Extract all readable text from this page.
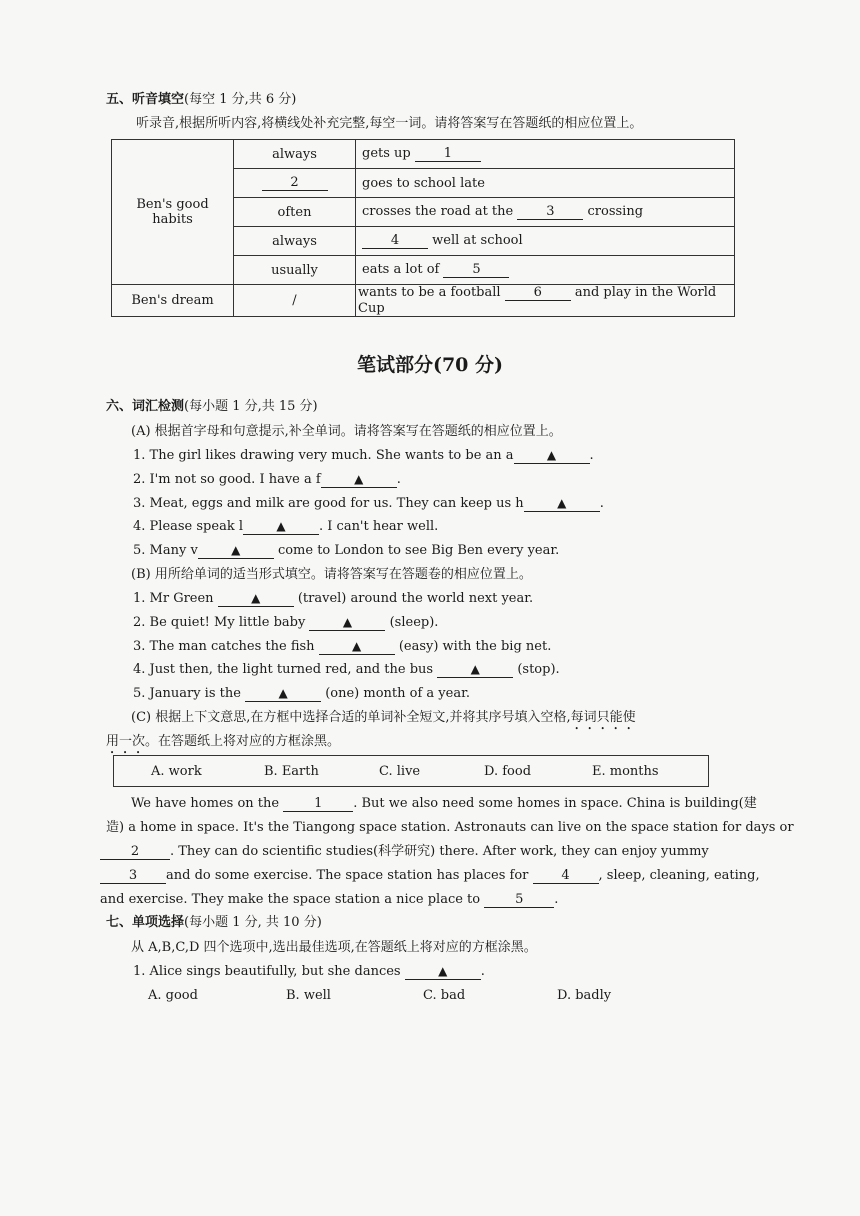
五、听音填空(每空 1 分,共 6 分)
听录音,根据所听内容,将横线处补充完整,每空一词。请将答案写在答题纸的相应位置上。
Ben's good habits	always	gets up 1
	2	goes to school late
	often	crosses the road at the 3 crossing
	always	4 well at school
	usually	eats a lot of 5
Ben's dream	/	wants to be a football 6 and play in the World Cup
笔试部分(70 分)
六、词汇检测(每小题 1 分,共 15 分)
(A) 根据首字母和句意提示,补全单词。请将答案写在答题纸的相应位置上。
1. The girl likes drawing very much. She wants to be an a	▲	.
2. I'm not so good. I have a f	▲	.
3. Meat, eggs and milk are good for us. They can keep us h	▲	.
4. Please speak l	▲	. I can't hear well.
5. Many v	▲	come to London to see Big Ben every year.
(B) 用所给单词的适当形式填空。请将答案写在答题卷的相应位置上。
1. Mr Green	▲	(travel) around the world next year.
2. Be quiet! My little baby	▲	(sleep).
3. The man catches the fish	▲	(easy) with the big net.
4. Just then, the light turned red, and the bus	▲	(stop).
5. January is the	▲	(one) month of a year.
(C) 根据上下文意思,在方框中选择合适的单词补全短文,并将其序号填入空格,每词只能使
用一次。在答题纸上将对应的方框涂黑。
A. work	B. Earth	C. live	D. food	E. months
We have homes on the	1 . But we also need some homes in space. China is building(建
造) a home in space. It's the Tiangong space station. Astronauts can live on the space station for days or
2 . They can do scientific studies(科学研究) there. After work, they can enjoy yummy
3 and do some exercise. The space station has places for	4 , sleep, cleaning, eating,
and exercise. They make the space station a nice place to	5 .
七、单项选择(每小题 1 分, 共 10 分)
从 A,B,C,D 四个选项中,选出最佳选项,在答题纸上将对应的方框涂黑。
1. Alice sings beautifully, but she dances	▲	.
A. good	B. well	C. bad	D. badly
